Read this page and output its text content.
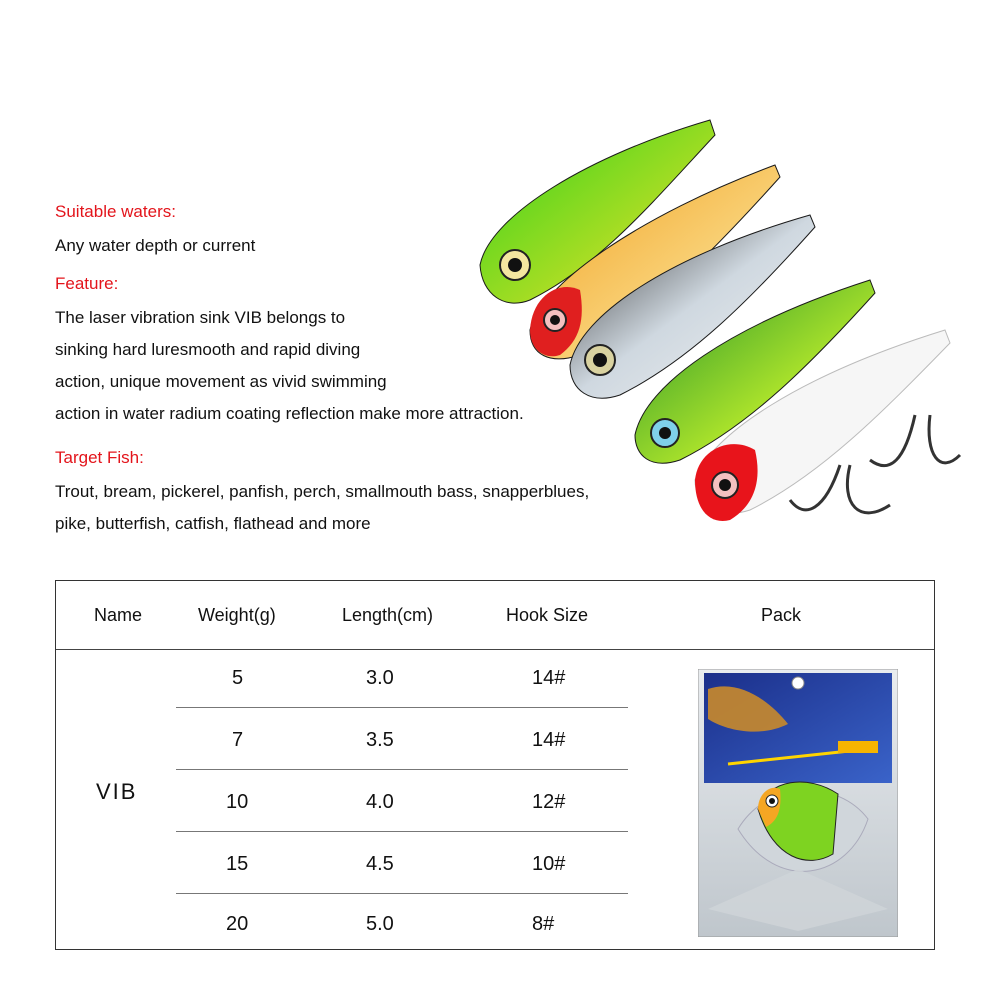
Suitable waters:

Any water depth or current

Feature:

The laser vibration sink VIB belongs to

sinking hard luresmooth and rapid diving

action, unique movement as vivid swimming

action in water radium coating reflection make more attraction.

Target Fish:

Trout, bream, pickerel, panfish, perch, smallmouth bass, snapperblues,

pike, butterfish, catfish, flathead and more

Name	Weight(g)	Length(cm)	Hook Size	Pack
VIB
5	3.0	14#
7	3.5	14#
10	4.0	12#
15	4.5	10#
20	5.0	8#
